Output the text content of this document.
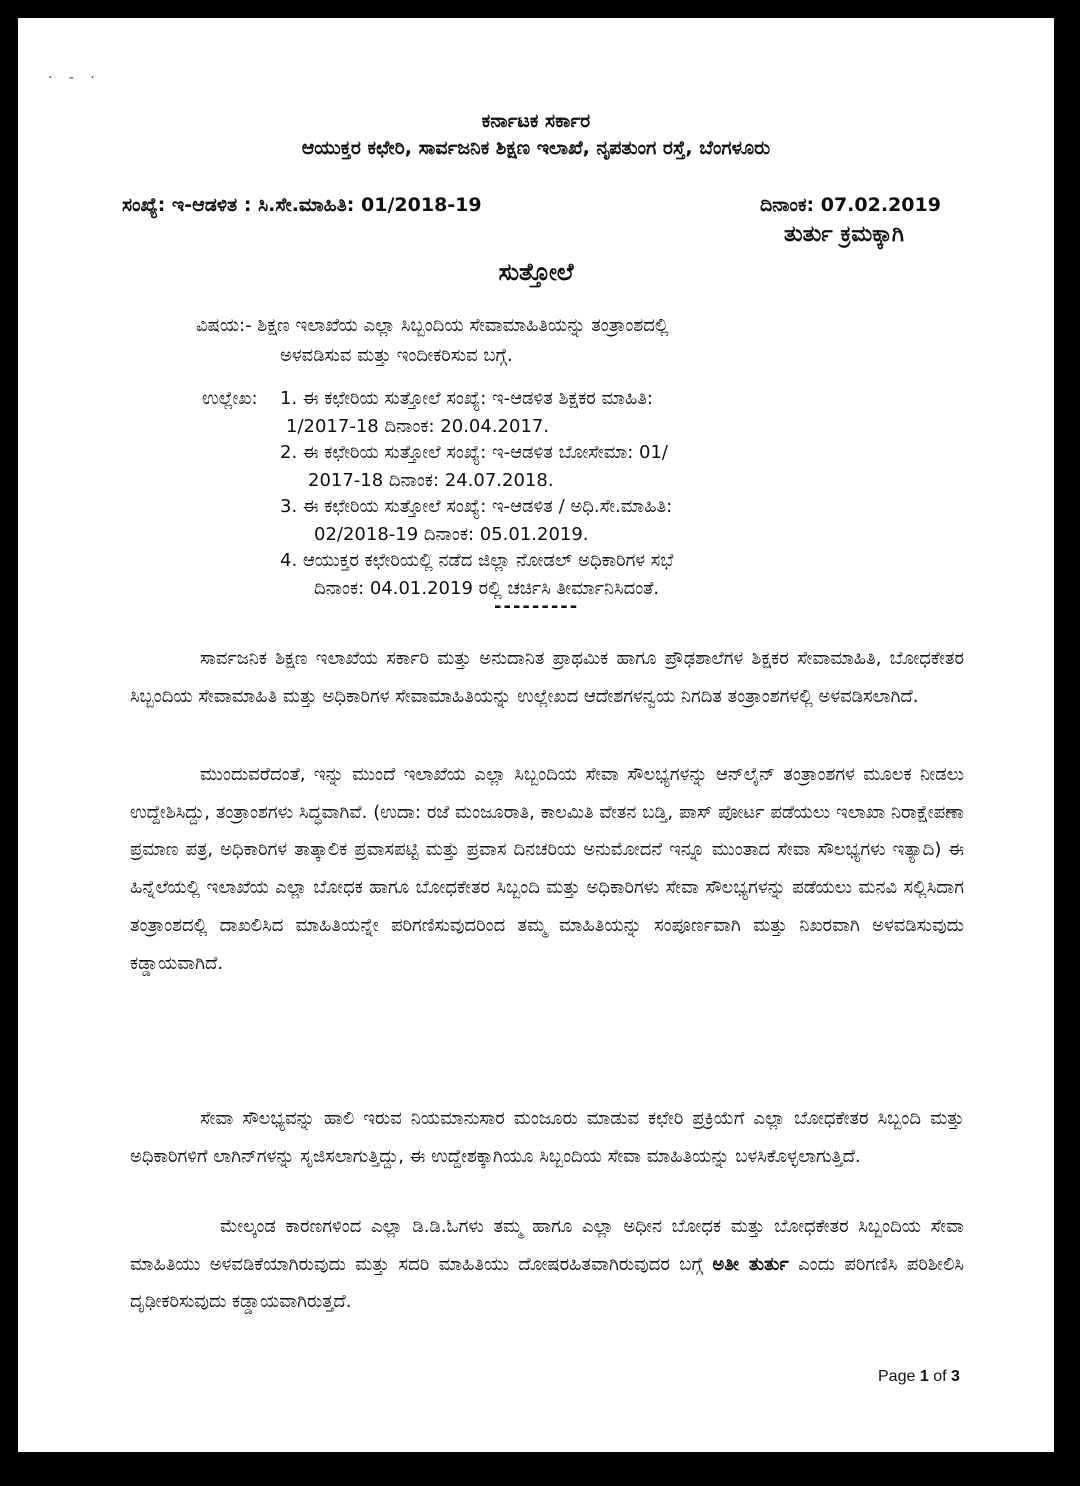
· - ·
ಕರ್ನಾಟಕ ಸರ್ಕಾರ
ಆಯುಕ್ತರ ಕಛೇರಿ, ಸಾರ್ವಜನಿಕ ಶಿಕ್ಷಣ ಇಲಾಖೆ, ನೃಪತುಂಗ ರಸ್ತೆ, ಬೆಂಗಳೂರು
ಸಂಖ್ಯೆ: ಇ-ಆಡಳಿತ : ಸಿ.ಸೇ.ಮಾಹಿತಿ: 01/2018-19	ದಿನಾಂಕ: 07.02.2019
ತುರ್ತು ಕ್ರಮಕ್ಕಾಗಿ
ಸುತ್ತೋಲೆ
ವಿಷಯ:- ಶಿಕ್ಷಣ ಇಲಾಖೆಯ ಎಲ್ಲಾ ಸಿಬ್ಬಂದಿಯ ಸೇವಾಮಾಹಿತಿಯನ್ನು ತಂತ್ರಾಂಶದಲ್ಲಿ
ಅಳವಡಿಸುವ ಮತ್ತು ಇಂದೀಕರಿಸುವ ಬಗ್ಗೆ.
ಉಲ್ಲೇಖ: 1. ಈ ಕಛೇರಿಯ ಸುತ್ತೋಲೆ ಸಂಖ್ಯೆ: ಇ-ಆಡಳಿತ ಶಿಕ್ಷಕರ ಮಾಹಿತಿ:
1/2017-18 ದಿನಾಂಕ: 20.04.2017.
2. ಈ ಕಛೇರಿಯ ಸುತ್ತೋಲೆ ಸಂಖ್ಯೆ: ಇ-ಆಡಳಿತ ಬೋಸೇಮಾ: 01/
2017-18 ದಿನಾಂಕ: 24.07.2018.
3. ಈ ಕಛೇರಿಯ ಸುತ್ತೋಲೆ ಸಂಖ್ಯೆ: ಇ-ಆಡಳಿತ / ಅಧಿ.ಸೇ.ಮಾಹಿತಿ:
02/2018-19 ದಿನಾಂಕ: 05.01.2019.
4. ಆಯುಕ್ತರ ಕಛೇರಿಯಲ್ಲಿ ನಡೆದ ಜಿಲ್ಲಾ ನೋಡಲ್ ಅಧಿಕಾರಿಗಳ ಸಭೆ
ದಿನಾಂಕ: 04.01.2019 ರಲ್ಲಿ ಚರ್ಚಿಸಿ ತೀರ್ಮಾನಿಸಿದಂತೆ.
---------
ಸಾರ್ವಜನಿಕ ಶಿಕ್ಷಣ ಇಲಾಖೆಯ ಸರ್ಕಾರಿ ಮತ್ತು ಅನುದಾನಿತ ಪ್ರಾಥಮಿಕ ಹಾಗೂ ಪ್ರೌಢಶಾಲೆಗಳ ಶಿಕ್ಷಕರ ಸೇವಾಮಾಹಿತಿ, ಬೋಧಕೇತರ ಸಿಬ್ಬಂದಿಯ ಸೇವಾಮಾಹಿತಿ ಮತ್ತು ಅಧಿಕಾರಿಗಳ ಸೇವಾಮಾಹಿತಿಯನ್ನು ಉಲ್ಲೇಖದ ಆದೇಶಗಳನ್ವಯ ನಿಗದಿತ ತಂತ್ರಾಂಶಗಳಲ್ಲಿ ಅಳವಡಿಸಲಾಗಿದೆ.
ಮುಂದುವರೆದಂತೆ, ಇನ್ನು ಮುಂದೆ ಇಲಾಖೆಯ ಎಲ್ಲಾ ಸಿಬ್ಬಂದಿಯ ಸೇವಾ ಸೌಲಭ್ಯಗಳನ್ನು ಆನ್‌ಲೈನ್ ತಂತ್ರಾಂಶಗಳ ಮೂಲಕ ನೀಡಲು ಉದ್ದೇಶಿಸಿದ್ದು, ತಂತ್ರಾಂಶಗಳು ಸಿದ್ಧವಾಗಿವೆ. (ಉದಾ: ರಜೆ ಮಂಜೂರಾತಿ, ಕಾಲಮಿತಿ ವೇತನ ಬಡ್ತಿ, ಪಾಸ್ ಪೋರ್ಟ ಪಡೆಯಲು ಇಲಾಖಾ ನಿರಾಕ್ಷೇಪಣಾ ಪ್ರಮಾಣ ಪತ್ರ, ಅಧಿಕಾರಿಗಳ ತಾತ್ಕಾಲಿಕ ಪ್ರವಾಸಪಟ್ಟಿ ಮತ್ತು ಪ್ರವಾಸ ದಿನಚರಿಯ ಅನುಮೋದನೆ ಇನ್ನೂ ಮುಂತಾದ ಸೇವಾ ಸೌಲಭ್ಯಗಳು ಇತ್ಯಾದಿ) ಈ ಹಿನ್ನೆಲೆಯಲ್ಲಿ ಇಲಾಖೆಯ ಎಲ್ಲಾ ಬೋಧಕ ಹಾಗೂ ಬೋಧಕೇತರ ಸಿಬ್ಬಂದಿ ಮತ್ತು ಅಧಿಕಾರಿಗಳು ಸೇವಾ ಸೌಲಭ್ಯಗಳನ್ನು ಪಡೆಯಲು ಮನವಿ ಸಲ್ಲಿಸಿದಾಗ ತಂತ್ರಾಂಶದಲ್ಲಿ ದಾಖಲಿಸಿದ ಮಾಹಿತಿಯನ್ನೇ ಪರಿಗಣಿಸುವುದರಿಂದ ತಮ್ಮ ಮಾಹಿತಿಯನ್ನು ಸಂಪೂರ್ಣವಾಗಿ ಮತ್ತು ನಿಖರವಾಗಿ ಅಳವಡಿಸುವುದು ಕಡ್ಡಾಯವಾಗಿದೆ.
ಸೇವಾ ಸೌಲಭ್ಯವನ್ನು ಹಾಲಿ ಇರುವ ನಿಯಮಾನುಸಾರ ಮಂಜೂರು ಮಾಡುವ ಕಛೇರಿ ಪ್ರಕ್ರಿಯೆಗೆ ಎಲ್ಲಾ ಬೋಧಕೇತರ ಸಿಬ್ಬಂದಿ ಮತ್ತು ಅಧಿಕಾರಿಗಳಿಗೆ ಲಾಗಿನ್‌ಗಳನ್ನು ಸೃಜಿಸಲಾಗುತ್ತಿದ್ದು, ಈ ಉದ್ದೇಶಕ್ಕಾಗಿಯೂ ಸಿಬ್ಬಂದಿಯ ಸೇವಾ ಮಾಹಿತಿಯನ್ನು ಬಳಸಿಕೊಳ್ಳಲಾಗುತ್ತಿದೆ.
ಮೇಲ್ಕಂಡ ಕಾರಣಗಳಿಂದ ಎಲ್ಲಾ ಡಿ.ಡಿ.ಓಗಳು ತಮ್ಮ ಹಾಗೂ ಎಲ್ಲಾ ಅಧೀನ ಬೋಧಕ ಮತ್ತು ಬೋಧಕೇತರ ಸಿಬ್ಬಂದಿಯ ಸೇವಾ ಮಾಹಿತಿಯು ಅಳವಡಿಕೆಯಾಗಿರುವುದು ಮತ್ತು ಸದರಿ ಮಾಹಿತಿಯು ದೋಷರಹಿತವಾಗಿರುವುದರ ಬಗ್ಗೆ ಅತೀ ತುರ್ತು ಎಂದು ಪರಿಗಣಿಸಿ ಪರಿಶೀಲಿಸಿ ದೃಢೀಕರಿಸುವುದು ಕಡ್ಡಾಯವಾಗಿರುತ್ತದೆ.
Page 1 of 3
